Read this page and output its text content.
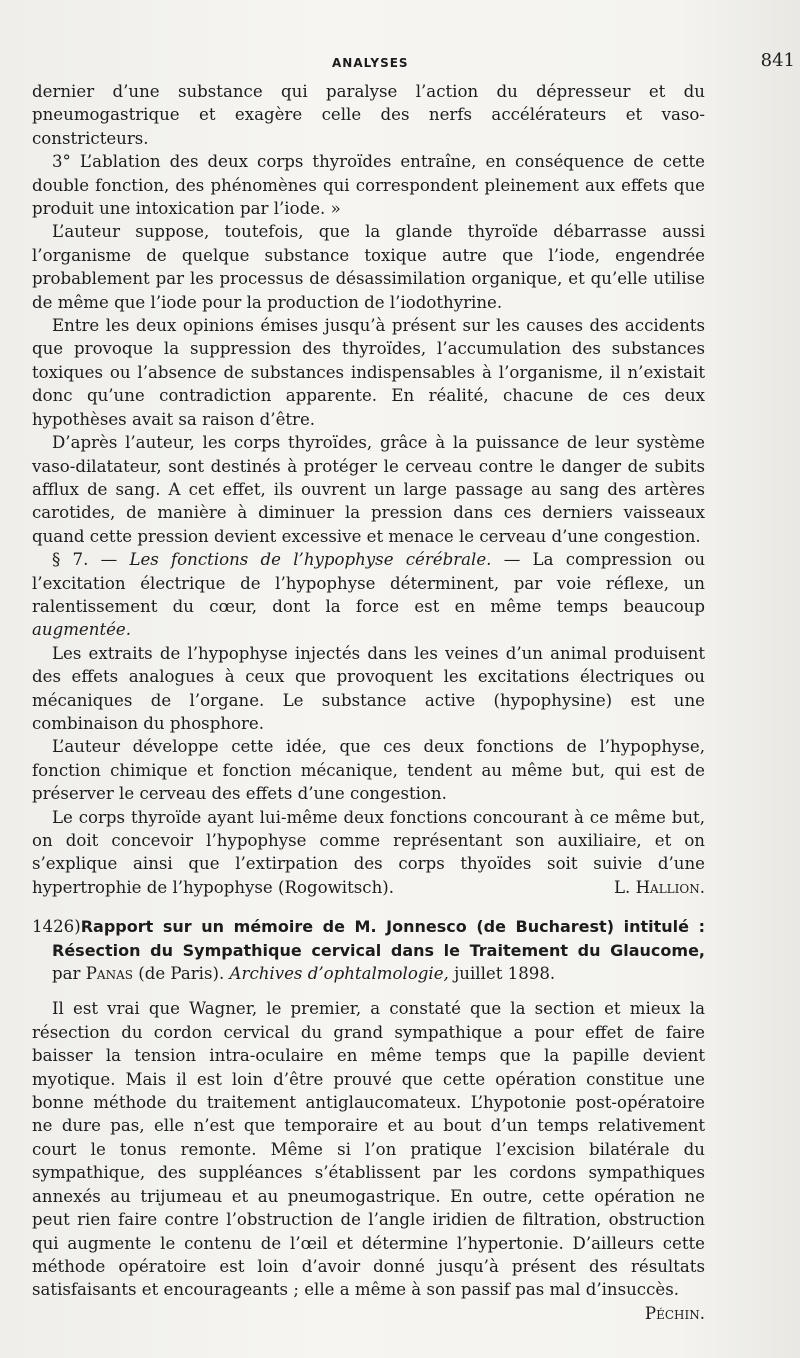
ANALYSES	841

dernier d’une substance qui paralyse l’action du dépresseur et du pneumogastrique et exagère celle des nerfs accélérateurs et vaso-constricteurs.

3° L’ablation des deux corps thyroïdes entraîne, en conséquence de cette double fonction, des phénomènes qui correspondent pleinement aux effets que produit une intoxication par l’iode. »

L’auteur suppose, toutefois, que la glande thyroïde débarrasse aussi l’organisme de quelque substance toxique autre que l’iode, engendrée probablement par les processus de désassimilation organique, et qu’elle utilise de même que l’iode pour la production de l’iodothyrine.

Entre les deux opinions émises jusqu’à présent sur les causes des accidents que provoque la suppression des thyroïdes, l’accumulation des substances toxiques ou l’absence de substances indispensables à l’organisme, il n’existait donc qu’une contradiction apparente. En réalité, chacune de ces deux hypothèses avait sa raison d’être.

D’après l’auteur, les corps thyroïdes, grâce à la puissance de leur système vaso-dilatateur, sont destinés à protéger le cerveau contre le danger de subits afflux de sang. A cet effet, ils ouvrent un large passage au sang des artères carotides, de manière à diminuer la pression dans ces derniers vaisseaux quand cette pression devient excessive et menace le cerveau d’une congestion.

§ 7. — Les fonctions de l’hypophyse cérébrale. — La compression ou l’excitation électrique de l’hypophyse déterminent, par voie réflexe, un ralentissement du cœur, dont la force est en même temps beaucoup augmentée.

Les extraits de l’hypophyse injectés dans les veines d’un animal produisent des effets analogues à ceux que provoquent les excitations électriques ou mécaniques de l’organe. Le substance active (hypophysine) est une combinaison du phosphore.

L’auteur développe cette idée, que ces deux fonctions de l’hypophyse, fonction chimique et fonction mécanique, tendent au même but, qui est de préserver le cerveau des effets d’une congestion.

Le corps thyroïde ayant lui-même deux fonctions concourant à ce même but, on doit concevoir l’hypophyse comme représentant son auxiliaire, et on s’explique ainsi que l’extirpation des corps thyoïdes soit suivie d’une hypertrophie de l’hypophyse (Rogowitsch).	L. Hallion.

1426)Rapport sur un mémoire de M. Jonnesco (de Bucharest) intitulé : Résection du Sympathique cervical dans le Traitement du Glaucome, par Panas (de Paris). Archives d’ophtalmologie, juillet 1898.

Il est vrai que Wagner, le premier, a constaté que la section et mieux la résection du cordon cervical du grand sympathique a pour effet de faire baisser la tension intra-oculaire en même temps que la papille devient myotique. Mais il est loin d’être prouvé que cette opération constitue une bonne méthode du traitement antiglaucomateux. L’hypotonie post-opératoire ne dure pas, elle n’est que temporaire et au bout d’un temps relativement court le tonus remonte. Même si l’on pratique l’excision bilatérale du sympathique, des suppléances s’établissent par les cordons sympathiques annexés au trijumeau et au pneumogastrique. En outre, cette opération ne peut rien faire contre l’obstruction de l’angle iridien de filtration, obstruction qui augmente le contenu de l’œil et détermine l’hypertonie. D’ailleurs cette méthode opératoire est loin d’avoir donné jusqu’à présent des résultats satisfaisants et encourageants ; elle a même à son passif pas mal d’insuccès.
Péchin.
